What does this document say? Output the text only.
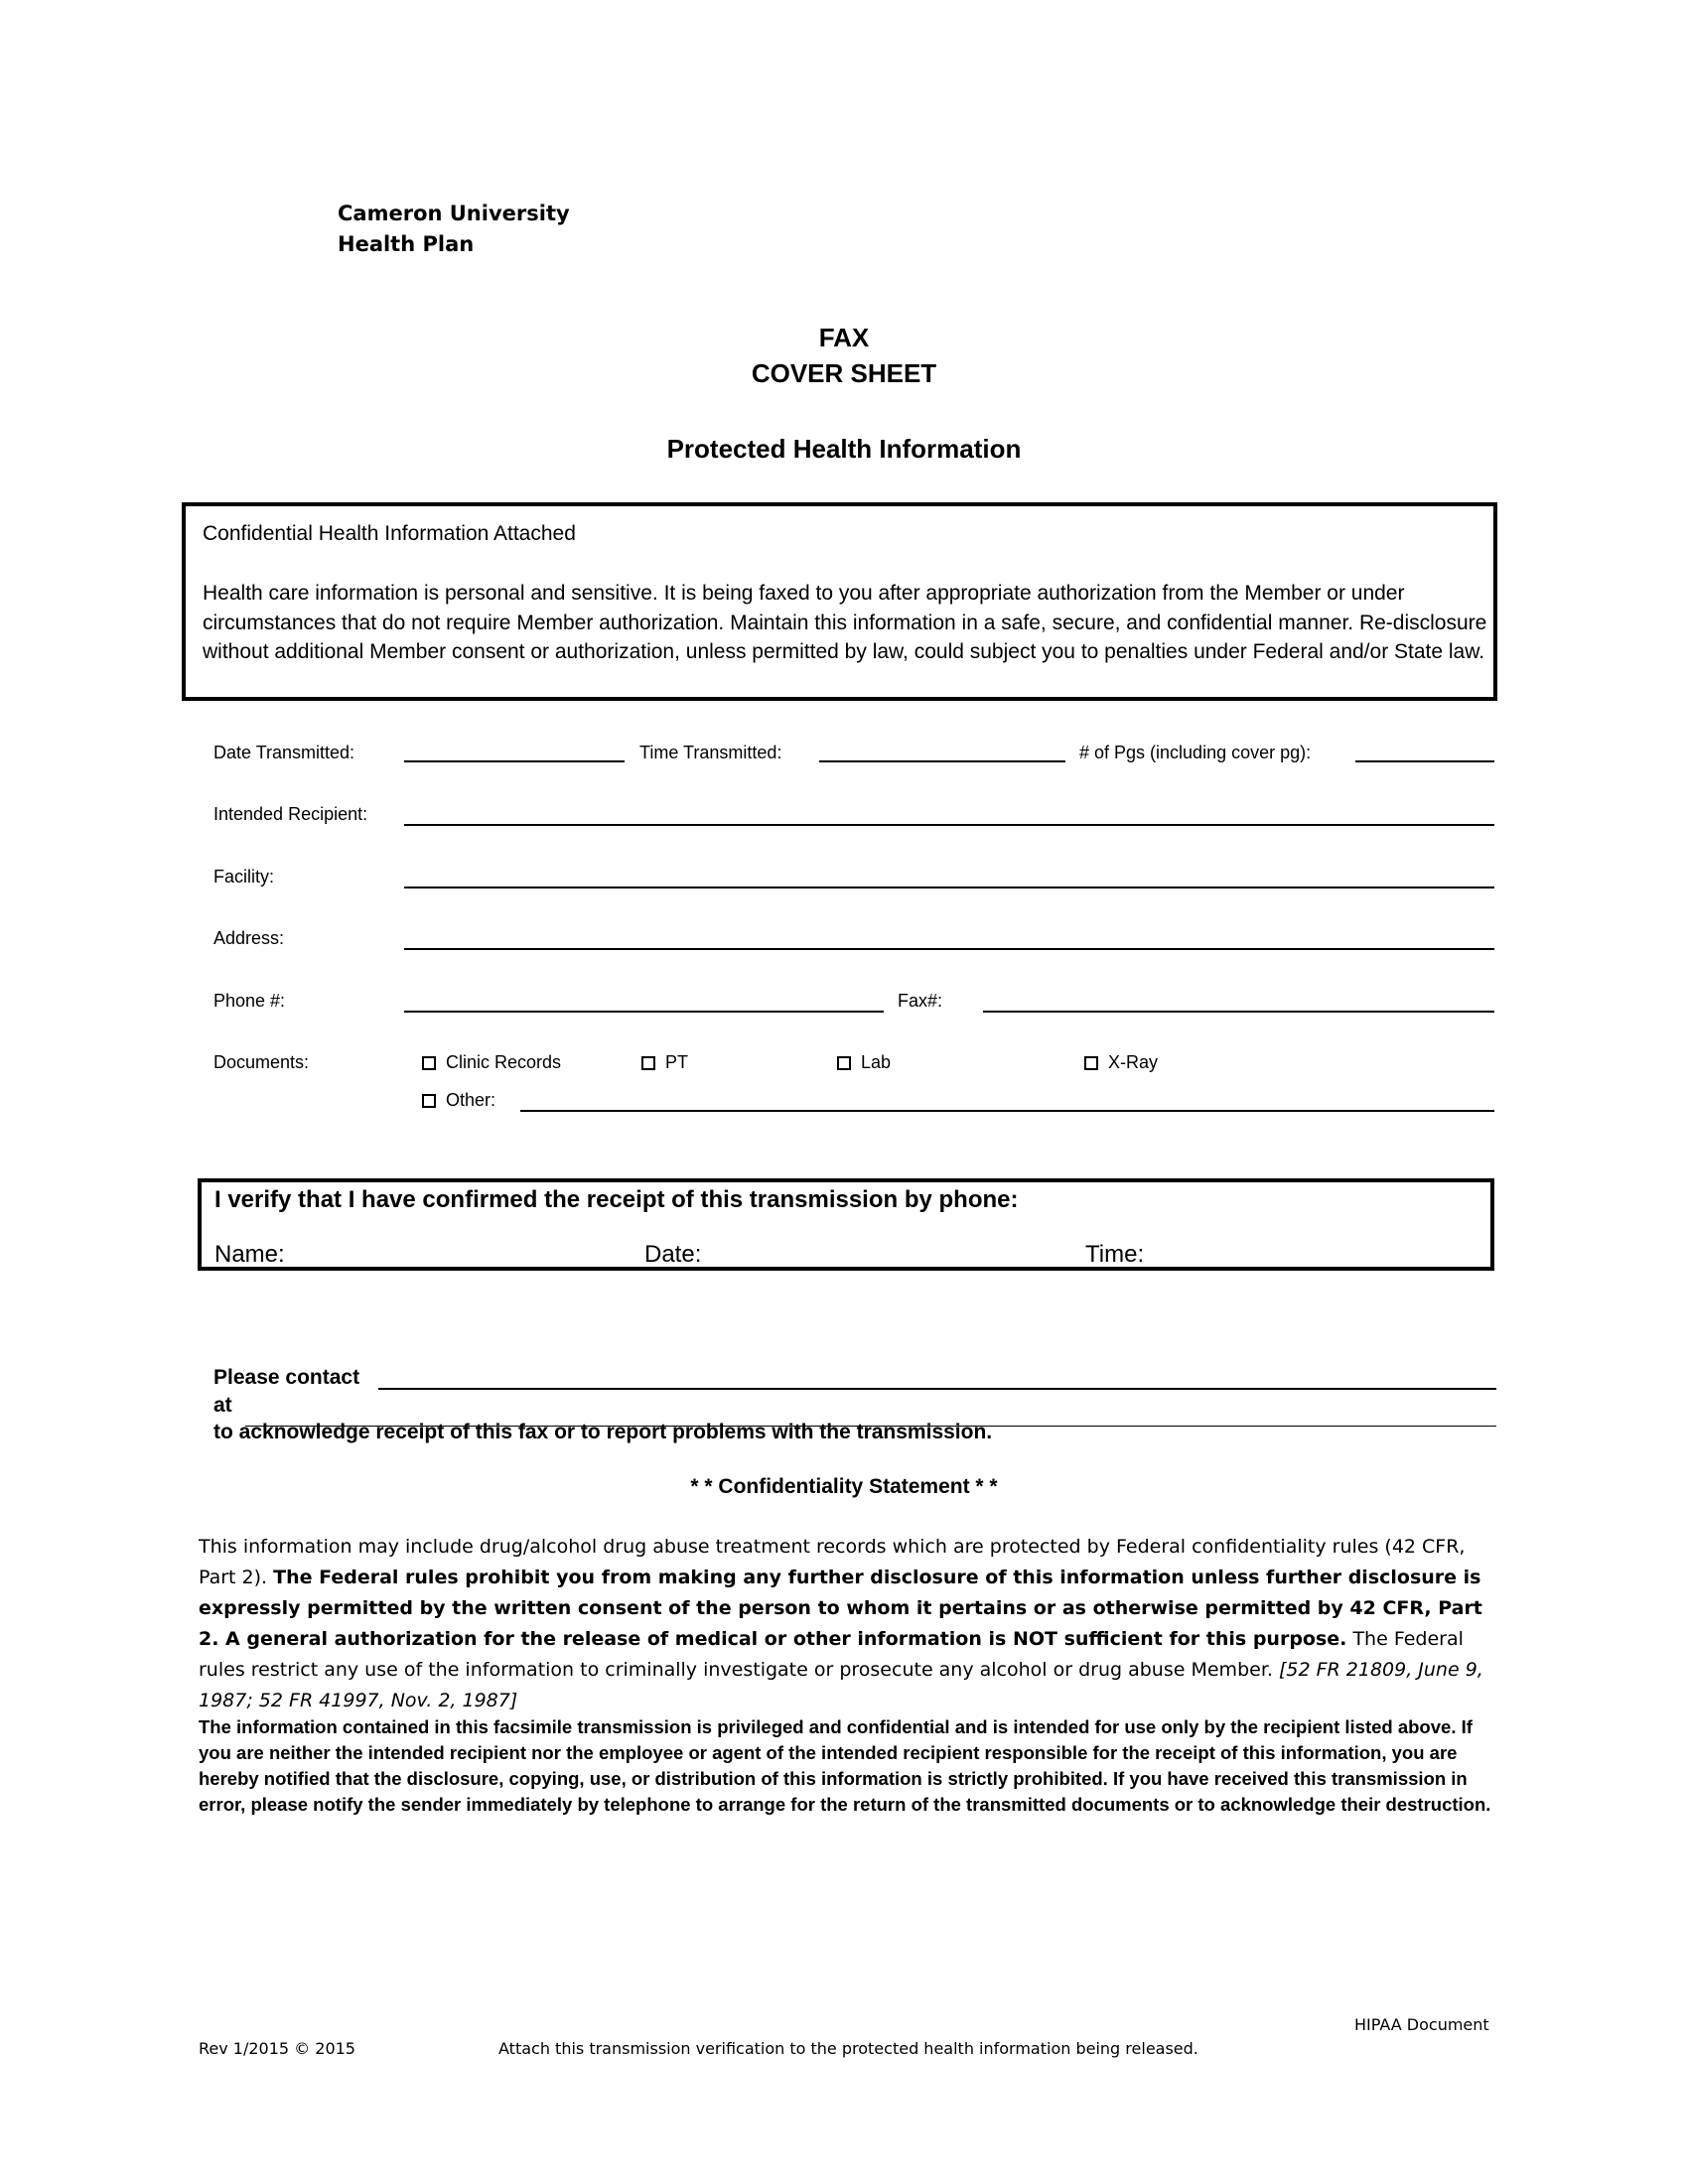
Cameron University
Health Plan
FAX
COVER SHEET
Protected Health Information
Confidential Health Information Attached
Health care information is personal and sensitive. It is being faxed to you after appropriate authorization from the Member or under circumstances that do not require Member authorization. Maintain this information in a safe, secure, and confidential manner. Re-disclosure without additional Member consent or authorization, unless permitted by law, could subject you to penalties under Federal and/or State law.
Date Transmitted:	Time Transmitted:	# of Pgs (including cover pg):
Intended Recipient:
Facility:
Address:
Phone #:	Fax#:
Documents:	Clinic Records	PT	Lab	X-Ray
Other:
I verify that I have confirmed the receipt of this transmission by phone:
Name:	Date:	Time:
Please contact
at
to acknowledge receipt of this fax or to report problems with the transmission.
* * Confidentiality Statement * *
This information may include drug/alcohol drug abuse treatment records which are protected by Federal confidentiality rules (42 CFR, Part 2). The Federal rules prohibit you from making any further disclosure of this information unless further disclosure is expressly permitted by the written consent of the person to whom it pertains or as otherwise permitted by 42 CFR, Part 2. A general authorization for the release of medical or other information is NOT sufficient for this purpose. The Federal rules restrict any use of the information to criminally investigate or prosecute any alcohol or drug abuse Member. [52 FR 21809, June 9, 1987; 52 FR 41997, Nov. 2, 1987]
The information contained in this facsimile transmission is privileged and confidential and is intended for use only by the recipient listed above. If you are neither the intended recipient nor the employee or agent of the intended recipient responsible for the receipt of this information, you are hereby notified that the disclosure, copying, use, or distribution of this information is strictly prohibited. If you have received this transmission in error, please notify the sender immediately by telephone to arrange for the return of the transmitted documents or to acknowledge their destruction.
HIPAA Document
Rev 1/2015 © 2015	Attach this transmission verification to the protected health information being released.
